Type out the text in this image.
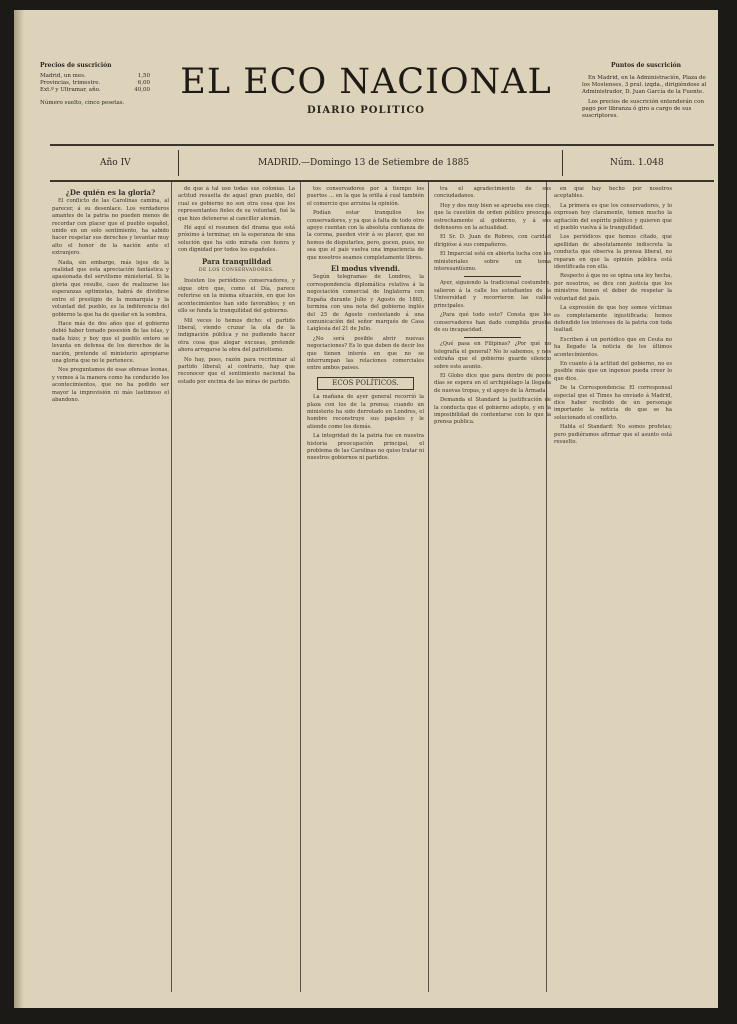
Precios de suscrición
Madrid, un mes.	1,50
Provincias, trimestre.	6,00
Ext.º y Ultramar, año.	40,00
Número suelto, cinco pesetas.
EL ECO NACIONAL
DIARIO POLITICO
Puntos de suscrición

En Madrid, en la Administración, Plaza de los Mostenses, 3 pral. izqda., dirigiéndose al Administrador, D. Juan García de la Fuente.

Los precios de suscrición entenderán con pago por libranza ó giro a cargo de sus suscriptores.

Año IV	MADRID.—Domingo 13 de Setiembre de 1885	Núm. 1.048
¿De quién es la gloria?

El conflicto de las Carolinas camina, al parecer, á su desenlace. Los verdaderos amantes de la patria no pueden menos de recordar con placer que el pueblo español, unido en un solo sentimiento, ha sabido hacer respetar sus derechos y levantar muy alto el honor de la nación ante el extranjero.

Nada, sin embargo, más lejos de la realidad que esta apreciación fantástica y apasionada del servilismo ministerial. Si la gloria que resulte, caso de realizarse las esperanzas optimistas, habrá de dividirse entre el prestigio de la monarquía y la voluntad del pueblo, es la indiferencia del gobierno la que ha de quedar en la sombra.

Hace más de dos años que el gobierno debió haber tomado posesión de las islas, y nada hizo; y hoy que el pueblo entero se levanta en defensa de los derechos de la nación, pretende el ministerio apropiarse una gloria que no le pertenece.

Nos preguntamos de esas ofensas leonas, y vemos á la manera como ha conducido los acontecimientos, que no ha podido ser mayor la imprevisión ni más lastimoso el abandono.

de que á tal uso todas sus colonias. La actitud resuelta de aquel gran pueblo, del cual es gobierno no son otra cosa que los representantes fieles de su voluntad, fué la que hizo detenerse al canciller alemán.

Hé aquí el resumen del drama que está próximo á terminar, en la esperanza de una solución que ha sido mirada con honra y con dignidad por todos los españoles.

Para tranquilidad
DE LOS CONSERVADORES.

Insisten los periódicos conservadores, y sigue otro que, como el Día, parece referirse en la misma situación, en que los acontecimientos han sido favorables; y en ello se funda la tranquilidad del gobierno.

Mil veces lo hemos dicho: el partido liberal, viendo cruzar la ola de la indignación pública y no pudiendo hacer otra cosa que alegar excusas, pretende ahora arrogarse la obra del patriotismo.

No hay, pues, razón para recriminar al partido liberal; al contrario, hay que reconocer que el sentimiento nacional ha estado por encima de las miras de partido.

tos conservadores por á tiempo los puertos ... en la que la orilla á cual también el comercio que arruina la opinión.

Podían estar tranquilos los conservadores, y ya que á falta de todo otro apoyo cuentan con la absoluta confianza de la corona, pueden vivir á su placer, que no hemos de disputarles, pero, gocen, pues, no sea que el país vuelva una impaciencia de que nosotros seamos completamente libres.

El modus vivendi.

Según telegramas de Londres, la correspondencia diplomática relativa á la negociación comercial de Inglaterra con España durante Julio y Agosto de 1885, termina con una nota del gobierno inglés del 25 de Agosto contestando á una comunicación del señor marqués de Casa Laiglesia del 21 de Julio.

¿No será posible abrir nuevas negociaciones? Es lo que deben de decir los que tienen interés en que no se interrumpan las relaciones comerciales entre ambos países.

ECOS POLÍTICOS.

La mañana de ayer general recorrió la plaza con los de la prensa; cuando un ministerio ha sido derrotado en Londres, el hombre reconstruye sus papeles y le atiende como los demás.

La integridad de la patria fue en nuestra historia preocupación principal, el problema de las Carolinas no quiso tratar ni nuestros gobiernos ni partidos.

tra el agradecimiento de sus conciudadanos.

Hoy y dos muy bien se aprueba ese ciego, que la cuestión de orden público preocupa estrechamente al gobierno, y á sus defensores en la actualidad.

El Sr. D. Juan de Robres, con caridad dirigióse á sus compañeros.

El Imparcial está en abierta lucha con los ministeriales sobre un tema interesantísimo.

Ayer, siguiendo la tradicional costumbre, salieron á la calle los estudiantes de la Universidad y recorrieron las calles principales.

¿Para qué todo esto? Consta que los conservadores han dado cumplida prueba de su incapacidad.

¿Qué pasa en Filipinas? ¿Por qué no telegrafía el general? No lo sabemos, y nos extraña que el gobierno guarde silencio sobre este asunto.

El Globo dice que para dentro de pocos días se espera en el archipiélago la llegada de nuevas tropas, y el apoyo de la Armada.

Demanda el Standard la justificación de la conducta que el gobierno adopte, y en la imposibilidad de contentarse con lo que la prensa publica.

en que hay hecho por nosotros aceptables.

La primera es que los conservadores, y lo expresan hoy claramente, temen mucho la agitación del espíritu público y quieren que el pueblo vuelva á la tranquilidad.

Los periódicos que hemos citado, que apellidan de absolutamente indiscreta la conducta que observa la prensa liberal, no reparan en que la opinión pública está identificada con ella.

Respecto á que no se opina una ley hecha, por nosotros, se dice con justicia que los ministros tienen el deber de respetar la voluntad del país.

La expresión de que hoy somos víctimas es completamente injustificada; hemos defendido los intereses de la patria con toda lealtad.

Escriben á un periódico que en Ceuta no ha llegado la noticia de los últimos acontecimientos.

En cuanto á la actitud del gobierno, no es posible más que un ingenuo pueda creer lo que dice.

De la Correspondencia: El corresponsal especial que el Times ha enviado á Madrid, dice haber recibido de un personaje importante la noticia de que se ha solucionado el conflicto.

Habla el Standard: No somos profetas; pero pudiéramos afirmar que el asunto está resuelto.
